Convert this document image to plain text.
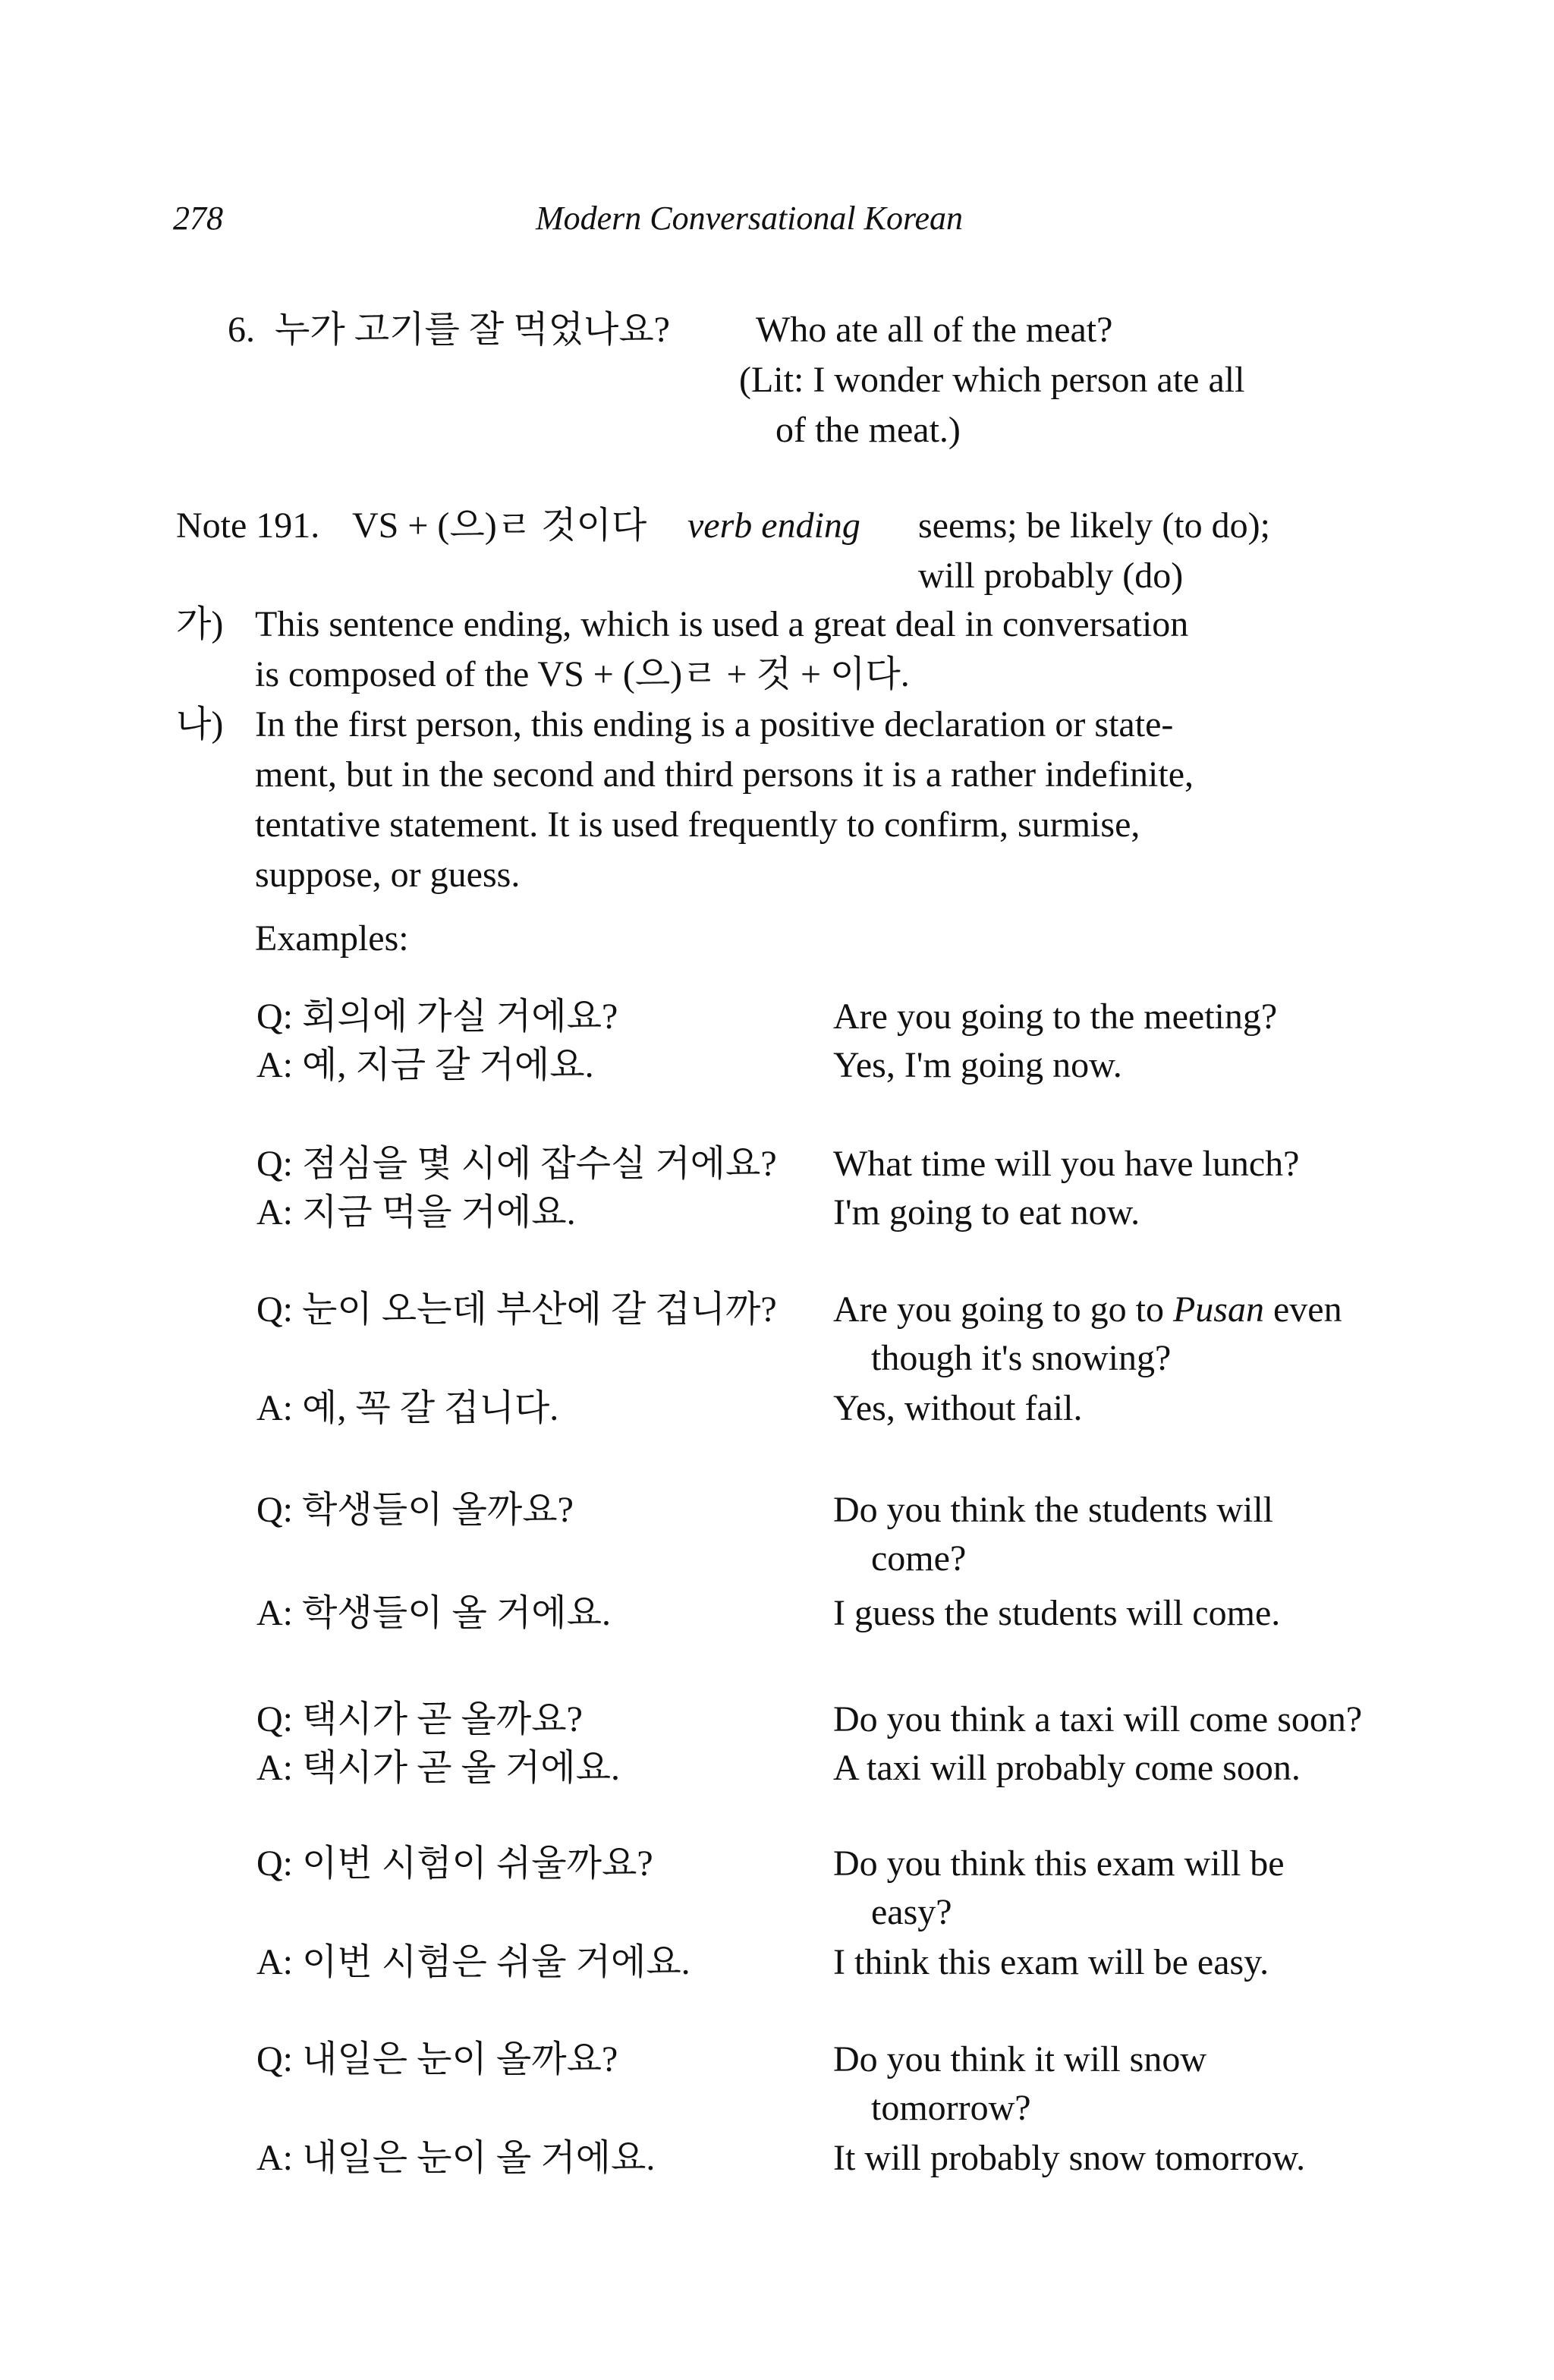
278	Modern Conversational Korean
6. 누가 고기를 잘 먹었나요? Who ate all of the meat?
(Lit: I wonder which person ate all
of the meat.)
Note 191. VS + (으)ㄹ 것이다 verb ending seems; be likely (to do);
will probably (do)
가) This sentence ending, which is used a great deal in conversation
is composed of the VS + (으)ㄹ + 것 + 이다.
나) In the first person, this ending is a positive declaration or state-
ment, but in the second and third persons it is a rather indefinite,
tentative statement. It is used frequently to confirm, surmise,
suppose, or guess.
Examples:
Q: 회의에 가실 거에요?	Are you going to the meeting?
A: 예, 지금 갈 거에요.	Yes, I'm going now.
Q: 점심을 몇 시에 잡수실 거에요? What time will you have lunch?
A: 지금 먹을 거에요.	I'm going to eat now.
Q: 눈이 오는데 부산에 갈 겁니까? Are you going to go to Pusan even
though it's snowing?
A: 예, 꼭 갈 겁니다.	Yes, without fail.
Q: 학생들이 올까요?	Do you think the students will
come?
A: 학생들이 올 거에요.	I guess the students will come.
Q: 택시가 곧 올까요?	Do you think a taxi will come soon?
A: 택시가 곧 올 거에요.	A taxi will probably come soon.
Q: 이번 시험이 쉬울까요?	Do you think this exam will be
easy?
A: 이번 시험은 쉬울 거에요.	I think this exam will be easy.
Q: 내일은 눈이 올까요?	Do you think it will snow
tomorrow?
A: 내일은 눈이 올 거에요.	It will probably snow tomorrow.
